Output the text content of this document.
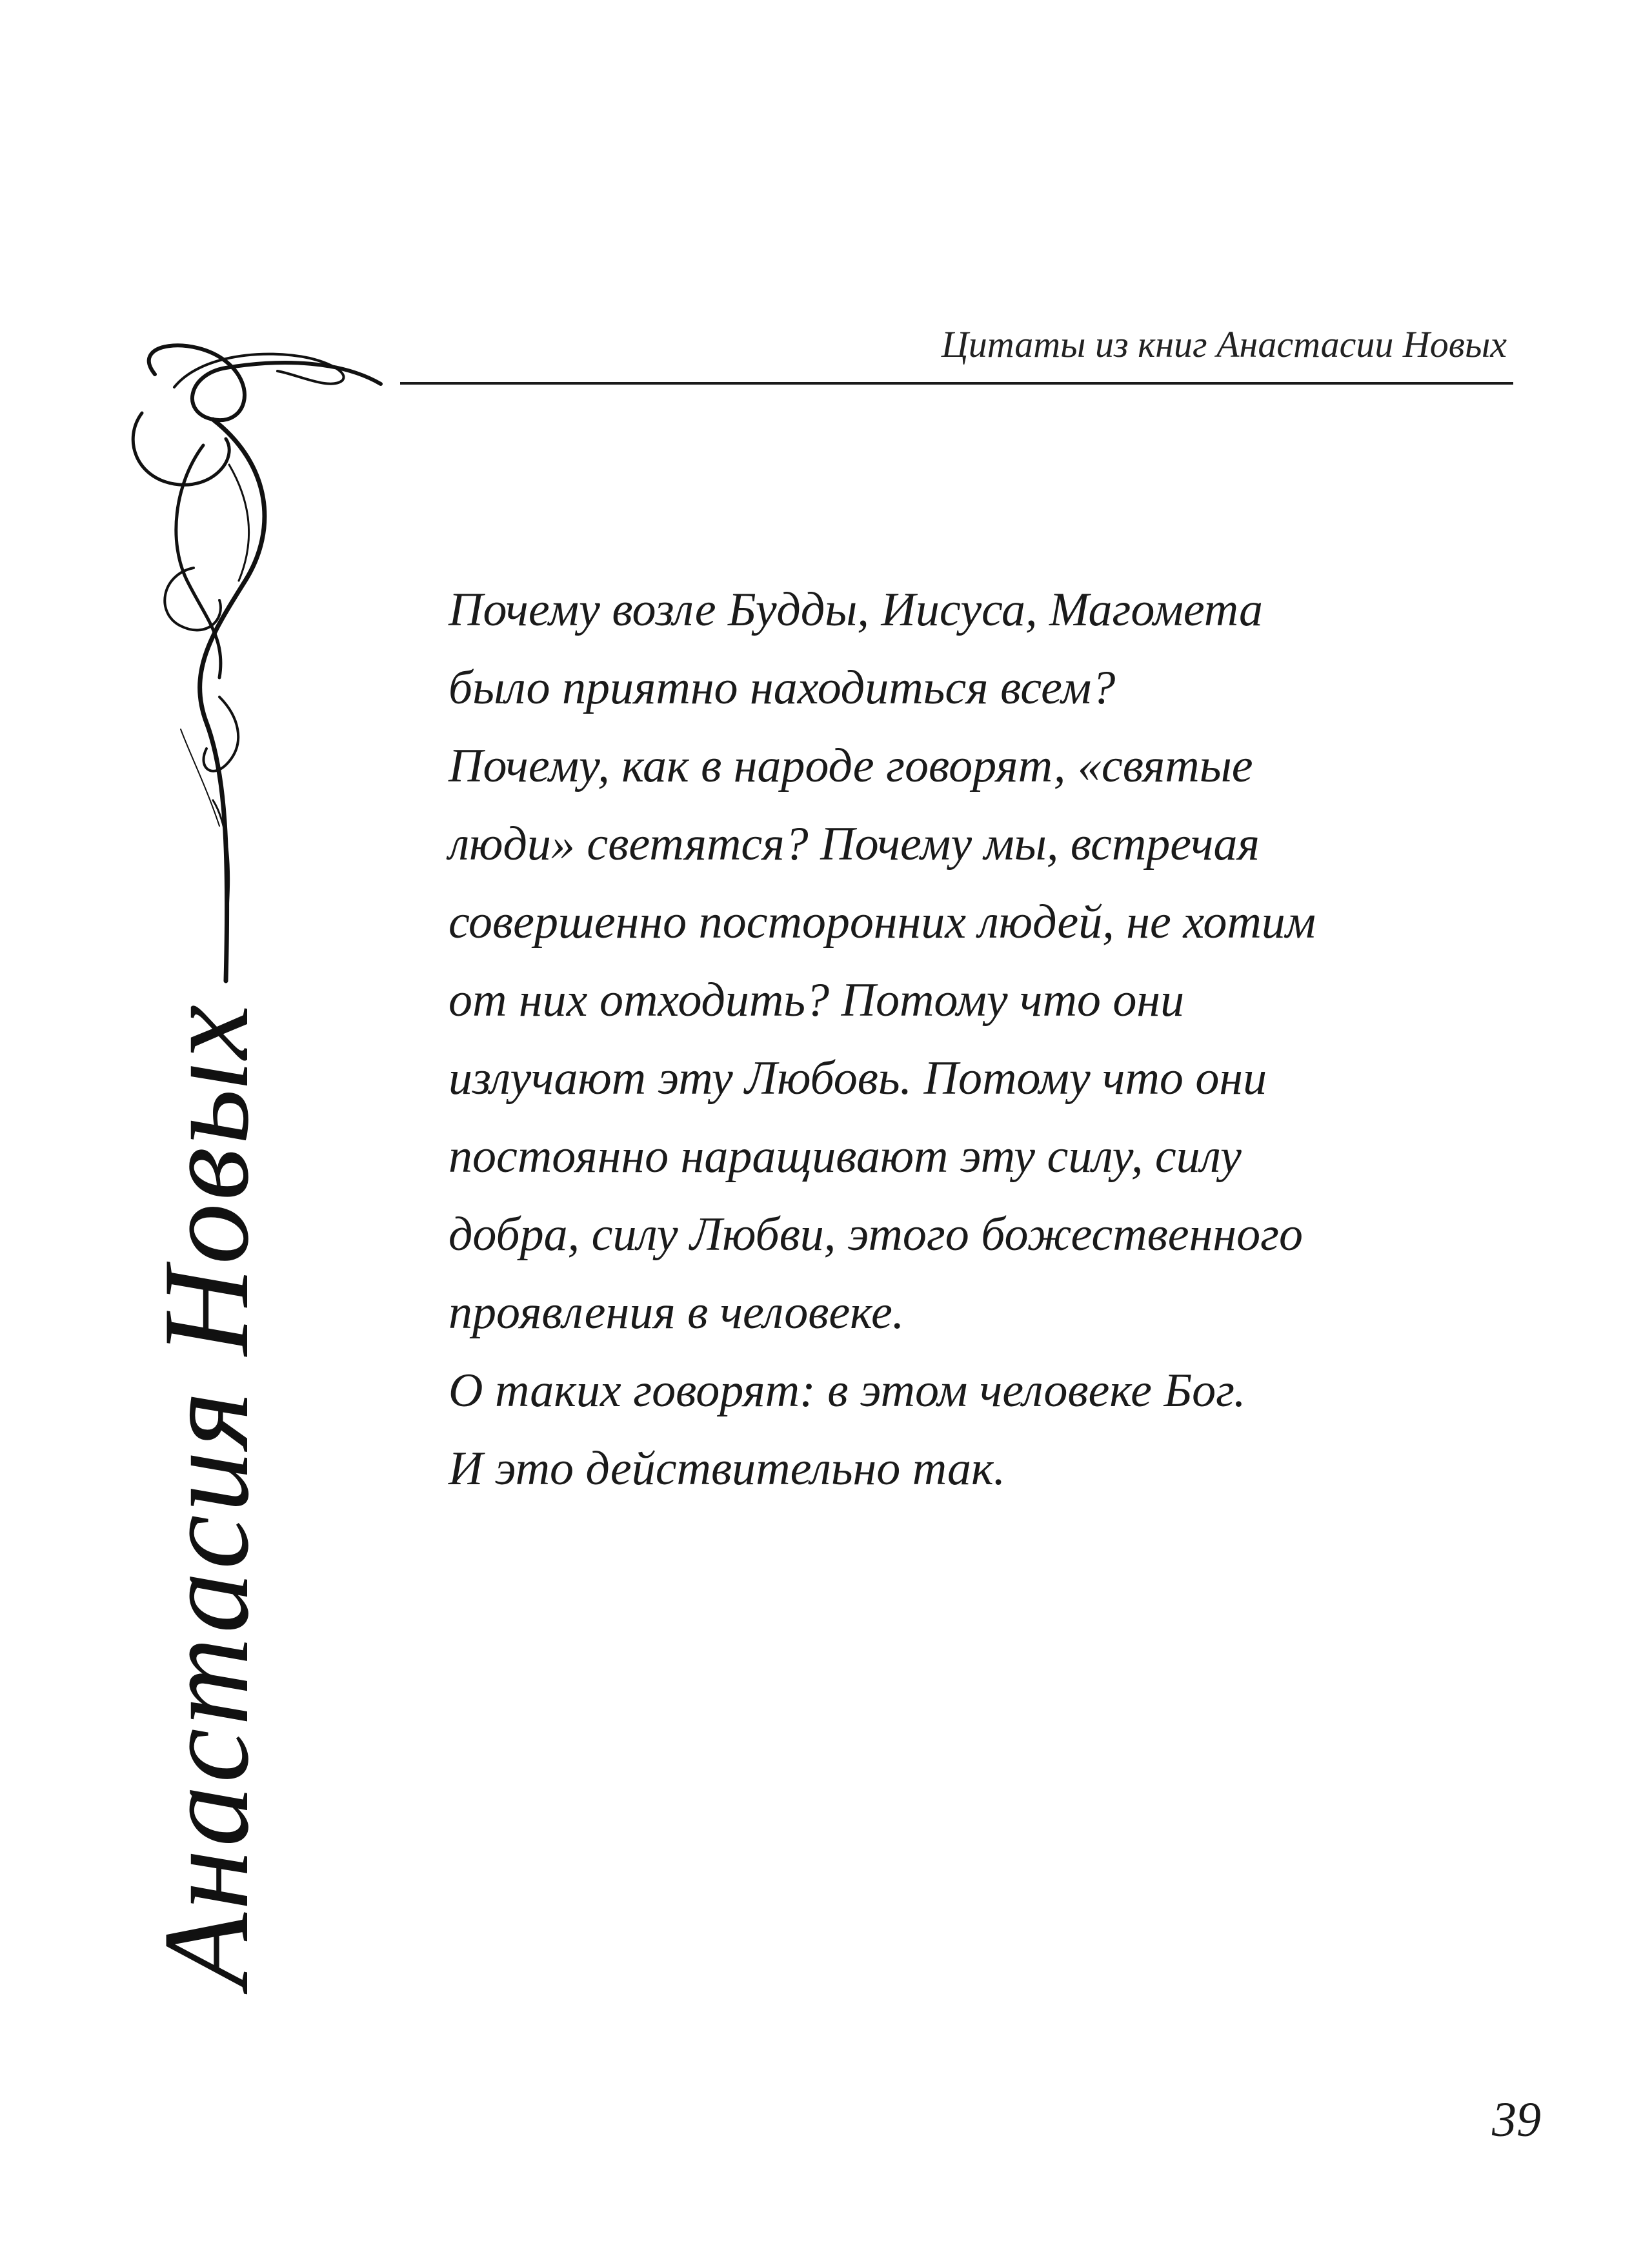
Цитаты из книг Анастасии Новых
Анастасия Новых

Почему возле Будды, Иисуса, Магомета
было приятно находиться всем?
Почему, как в народе говорят, «святые
люди» светятся? Почему мы, встречая
совершенно посторонних людей, не хотим
от них отходить? Потому что они
излучают эту Любовь. Потому что они
постоянно наращивают эту силу, силу
добра, силу Любви, этого божественного
проявления в человеке.
О таких говорят: в этом человеке Бог.
И это действительно так.

39
